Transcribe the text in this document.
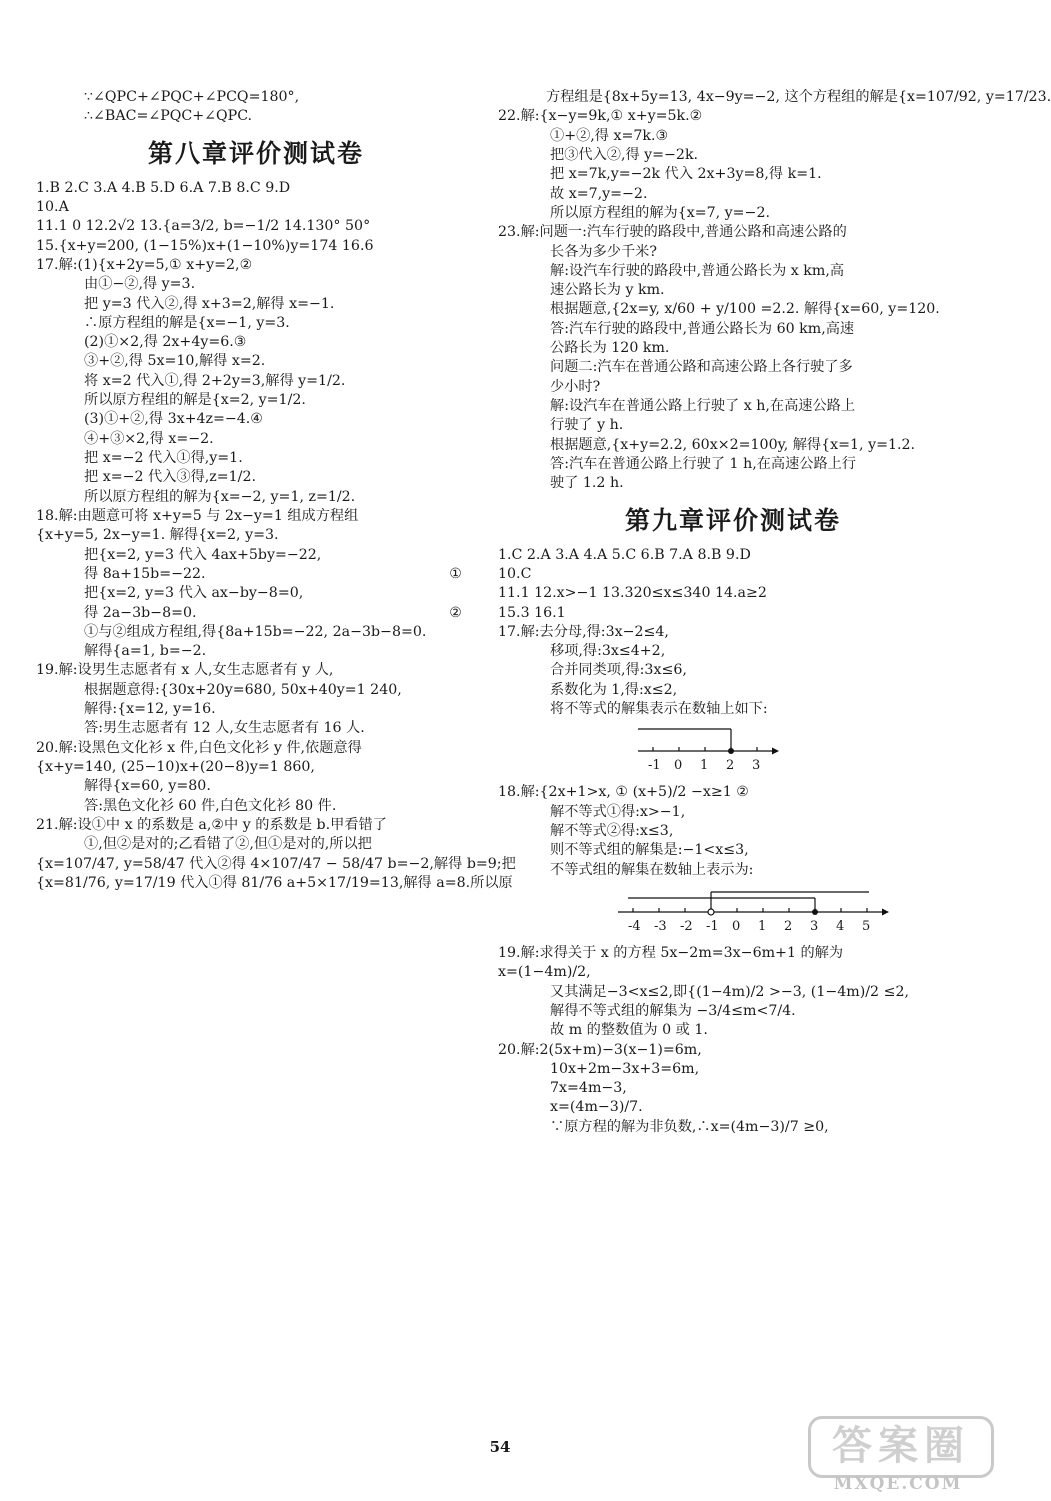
∵∠QPC+∠PQC+∠PCQ=180°,
∴∠BAC=∠PQC+∠QPC.
第八章评价测试卷
1.B 2.C 3.A 4.B 5.D 6.A 7.B 8.C 9.D
10.A
11.1 0 12.2√2 13.{a=3/2, b=−1/2 14.130° 50°
15.{x+y=200, (1−15%)x+(1−10%)y=174 16.6
17.解:(1){x+2y=5,① x+y=2,②
由①−②,得 y=3.
把 y=3 代入②,得 x+3=2,解得 x=−1.
∴原方程组的解是{x=−1, y=3.
(2)①×2,得 2x+4y=6.③
③+②,得 5x=10,解得 x=2.
将 x=2 代入①,得 2+2y=3,解得 y=1/2.
所以原方程组的解是{x=2, y=1/2.
(3)①+②,得 3x+4z=−4.④
④+③×2,得 x=−2.
把 x=−2 代入①得,y=1.
把 x=−2 代入③得,z=1/2.
所以原方程组的解为{x=−2, y=1, z=1/2.
18.解:由题意可将 x+y=5 与 2x−y=1 组成方程组
{x+y=5, 2x−y=1. 解得{x=2, y=3.
把{x=2, y=3 代入 4ax+5by=−22,
得 8a+15b=−22.	①
把{x=2, y=3 代入 ax−by−8=0,
得 2a−3b−8=0.	②
①与②组成方程组,得{8a+15b=−22, 2a−3b−8=0.
解得{a=1, b=−2.
19.解:设男生志愿者有 x 人,女生志愿者有 y 人,
根据题意得:{30x+20y=680, 50x+40y=1 240,
解得:{x=12, y=16.
答:男生志愿者有 12 人,女生志愿者有 16 人.
20.解:设黑色文化衫 x 件,白色文化衫 y 件,依题意得
{x+y=140, (25−10)x+(20−8)y=1 860,
解得{x=60, y=80.
答:黑色文化衫 60 件,白色文化衫 80 件.
21.解:设①中 x 的系数是 a,②中 y 的系数是 b.甲看错了
①,但②是对的;乙看错了②,但①是对的,所以把
{x=107/47, y=58/47 代入②得 4×107/47 − 58/47 b=−2,解得 b=9;把
{x=81/76, y=17/19 代入①得 81/76 a+5×17/19=13,解得 a=8.所以原
方程组是{8x+5y=13, 4x−9y=−2, 这个方程组的解是{x=107/92, y=17/23.
22.解:{x−y=9k,① x+y=5k.②
①+②,得 x=7k.③
把③代入②,得 y=−2k.
把 x=7k,y=−2k 代入 2x+3y=8,得 k=1.
故 x=7,y=−2.
所以原方程组的解为{x=7, y=−2.
23.解:问题一:汽车行驶的路段中,普通公路和高速公路的
长各为多少千米?
解:设汽车行驶的路段中,普通公路长为 x km,高
速公路长为 y km.
根据题意,{2x=y, x/60 + y/100 =2.2. 解得{x=60, y=120.
答:汽车行驶的路段中,普通公路长为 60 km,高速
公路长为 120 km.
问题二:汽车在普通公路和高速公路上各行驶了多
少小时?
解:设汽车在普通公路上行驶了 x h,在高速公路上
行驶了 y h.
根据题意,{x+y=2.2, 60x×2=100y, 解得{x=1, y=1.2.
答:汽车在普通公路上行驶了 1 h,在高速公路上行
驶了 1.2 h.
第九章评价测试卷
1.C 2.A 3.A 4.A 5.C 6.B 7.A 8.B 9.D
10.C
11.1 12.x>−1 13.320≤x≤340 14.a≥2
15.3 16.1
17.解:去分母,得:3x−2≤4,
移项,得:3x≤4+2,
合并同类项,得:3x≤6,
系数化为 1,得:x≤2,
将不等式的解集表示在数轴上如下:
-1 0 1 2 3
18.解:{2x+1>x, ① (x+5)/2 −x≥1 ②
解不等式①得:x>−1,
解不等式②得:x≤3,
则不等式组的解集是:−1<x≤3,
不等式组的解集在数轴上表示为:
-4 -3 -2 -1 0 1 2 3 4 5
19.解:求得关于 x 的方程 5x−2m=3x−6m+1 的解为
x=(1−4m)/2,
又其满足−3<x≤2,即{(1−4m)/2 >−3, (1−4m)/2 ≤2,
解得不等式组的解集为 −3/4≤m<7/4.
故 m 的整数值为 0 或 1.
20.解:2(5x+m)−3(x−1)=6m,
10x+2m−3x+3=6m,
7x=4m−3,
x=(4m−3)/7.
∵原方程的解为非负数,∴x=(4m−3)/7 ≥0,
54	答案圈
MXQE.COM
